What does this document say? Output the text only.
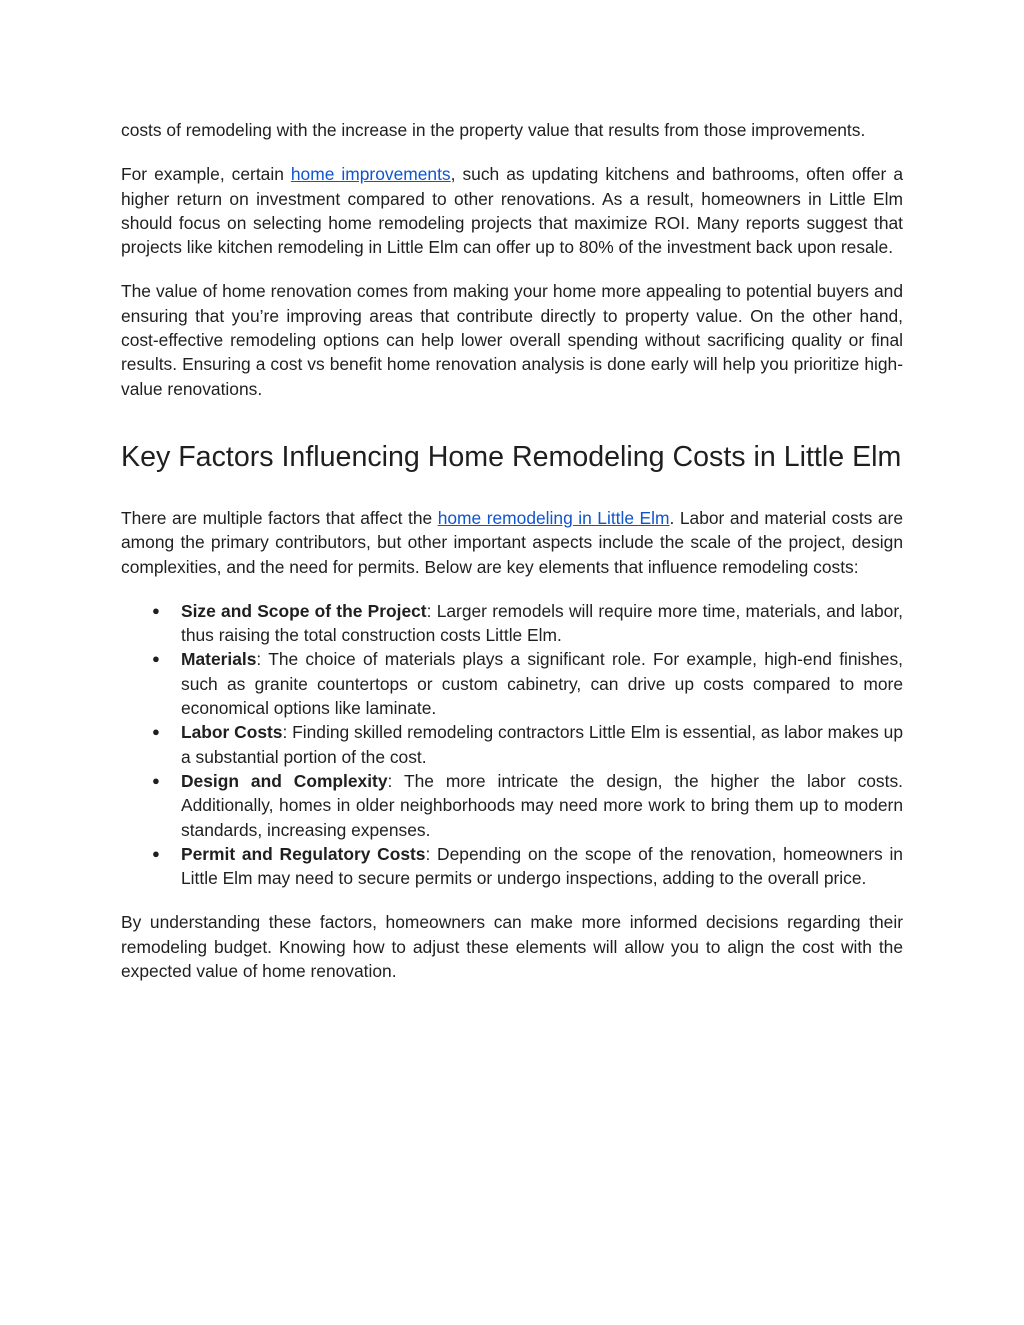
costs of remodeling with the increase in the property value that results from those improvements.

For example, certain home improvements, such as updating kitchens and bathrooms, often offer a higher return on investment compared to other renovations. As a result, homeowners in Little Elm should focus on selecting home remodeling projects that maximize ROI. Many reports suggest that projects like kitchen remodeling in Little Elm can offer up to 80% of the investment back upon resale.

The value of home renovation comes from making your home more appealing to potential buyers and ensuring that you’re improving areas that contribute directly to property value. On the other hand, cost-effective remodeling options can help lower overall spending without sacrificing quality or final results. Ensuring a cost vs benefit home renovation analysis is done early will help you prioritize high-value renovations.

Key Factors Influencing Home Remodeling Costs in Little Elm

There are multiple factors that affect the home remodeling in Little Elm. Labor and material costs are among the primary contributors, but other important aspects include the scale of the project, design complexities, and the need for permits. Below are key elements that influence remodeling costs:

● Size and Scope of the Project: Larger remodels will require more time, materials, and labor, thus raising the total construction costs Little Elm.
● Materials: The choice of materials plays a significant role. For example, high-end finishes, such as granite countertops or custom cabinetry, can drive up costs compared to more economical options like laminate.
● Labor Costs: Finding skilled remodeling contractors Little Elm is essential, as labor makes up a substantial portion of the cost.
● Design and Complexity: The more intricate the design, the higher the labor costs. Additionally, homes in older neighborhoods may need more work to bring them up to modern standards, increasing expenses.
● Permit and Regulatory Costs: Depending on the scope of the renovation, homeowners in Little Elm may need to secure permits or undergo inspections, adding to the overall price.

By understanding these factors, homeowners can make more informed decisions regarding their remodeling budget. Knowing how to adjust these elements will allow you to align the cost with the expected value of home renovation.
